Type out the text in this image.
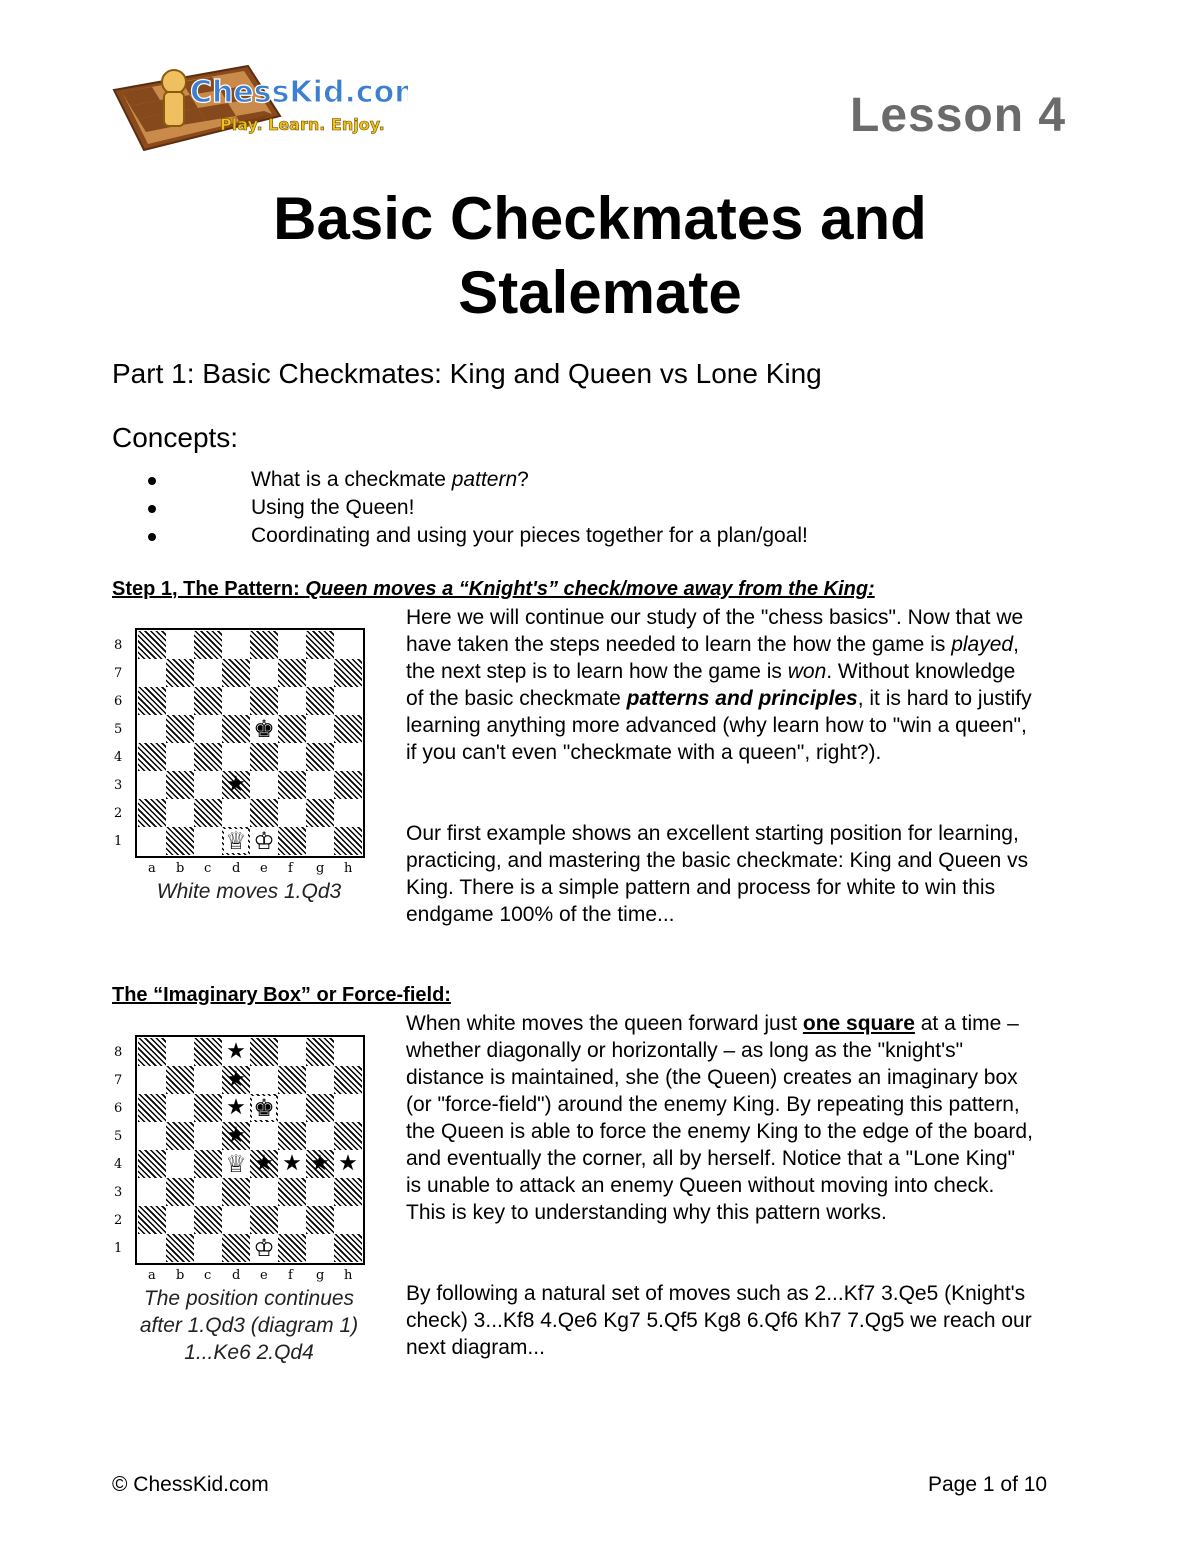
ChessKid.com
Play. Learn. Enjoy.	Lesson 4
Basic Checkmates and
Stalemate
Part 1: Basic Checkmates: King and Queen vs Lone King
Concepts:
What is a checkmate pattern?
Using the Queen!
Coordinating and using your pieces together for a plan/goal!
Step 1, The Pattern: Queen moves a “Knight's” check/move away from the King:
Here we will continue our study of the "chess basics". Now that we have taken the steps needed to learn the how the game is played, the next step is to learn how the game is won. Without knowledge of the basic checkmate patterns and principles, it is hard to justify learning anything more advanced (why learn how to "win a queen", if you can't even "checkmate with a queen", right?).
Our first example shows an excellent starting position for learning, practicing, and mastering the basic checkmate: King and Queen vs King. There is a simple pattern and process for white to win this endgame 100% of the time...
8
7
6
5
4
3
2
1
a b c d e f g h
★
♚
♕ ♔
White moves 1.Qd3
The “Imaginary Box” or Force-field:
When white moves the queen forward just one square at a time – whether diagonally or horizontally – as long as the "knight's" distance is maintained, she (the Queen) creates an imaginary box (or "force-field") around the enemy King. By repeating this pattern, the Queen is able to force the enemy King to the edge of the board, and eventually the corner, all by herself. Notice that a "Lone King" is unable to attack an enemy Queen without moving into check. This is key to understanding why this pattern works.
By following a natural set of moves such as 2...Kf7 3.Qe5 (Knight's check) 3...Kf8 4.Qe6 Kg7 5.Qf5 Kg8 6.Qf6 Kh7 7.Qg5 we reach our next diagram...
8
7
6
5
4
3
2
1
a b c d e f g h
★
★
★
★
★ ★ ★ ★
♚
♕
♔
The position continues
after 1.Qd3 (diagram 1)
1...Ke6 2.Qd4
© ChessKid.com	Page 1 of 10
